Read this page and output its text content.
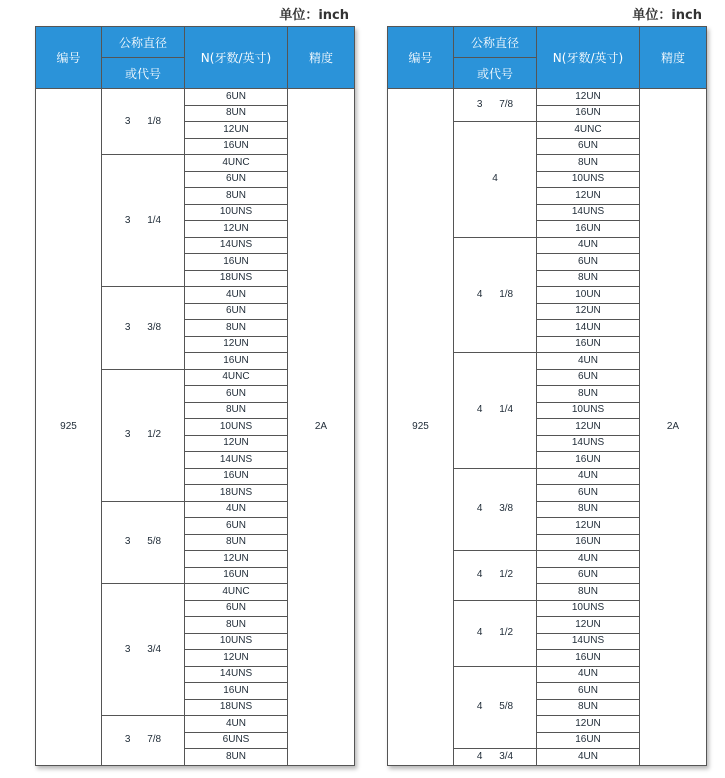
单位：inch	单位：inch
编号	公称直径	N(牙数/英寸)	精度
	或代号		
925	3 1/8	6UN	2A
		8UN	
		12UN	
		16UN	
	3 1/4	4UNC	
		6UN	
		8UN	
		10UNS	
		12UN	
		14UNS	
		16UN	
		18UNS	
	3 3/8	4UN	
		6UN	
		8UN	
		12UN	
		16UN	
	3 1/2	4UNC	
		6UN	
		8UN	
		10UNS	
		12UN	
		14UNS	
		16UN	
		18UNS	
	3 5/8	4UN	
		6UN	
		8UN	
		12UN	
		16UN	
	3 3/4	4UNC	
		6UN	
		8UN	
		10UNS	
		12UN	
		14UNS	
		16UN	
		18UNS	
	3 7/8	4UN	
		6UNS	
		8UN	
编号	公称直径	N(牙数/英寸)	精度
	或代号		
925	3 7/8	12UN	2A
		16UN	
	4	4UNC	
		6UN	
		8UN	
		10UNS	
		12UN	
		14UNS	
		16UN	
	4 1/8	4UN	
		6UN	
		8UN	
		10UN	
		12UN	
		14UN	
		16UN	
	4 1/4	4UN	
		6UN	
		8UN	
		10UNS	
		12UN	
		14UNS	
		16UN	
	4 3/8	4UN	
		6UN	
		8UN	
		12UN	
		16UN	
	4 1/2	4UN	
		6UN	
		8UN	
	4 1/2	10UNS	
		12UN	
		14UNS	
		16UN	
	4 5/8	4UN	
		6UN	
		8UN	
		12UN	
		16UN	
	4 3/4	4UN	
